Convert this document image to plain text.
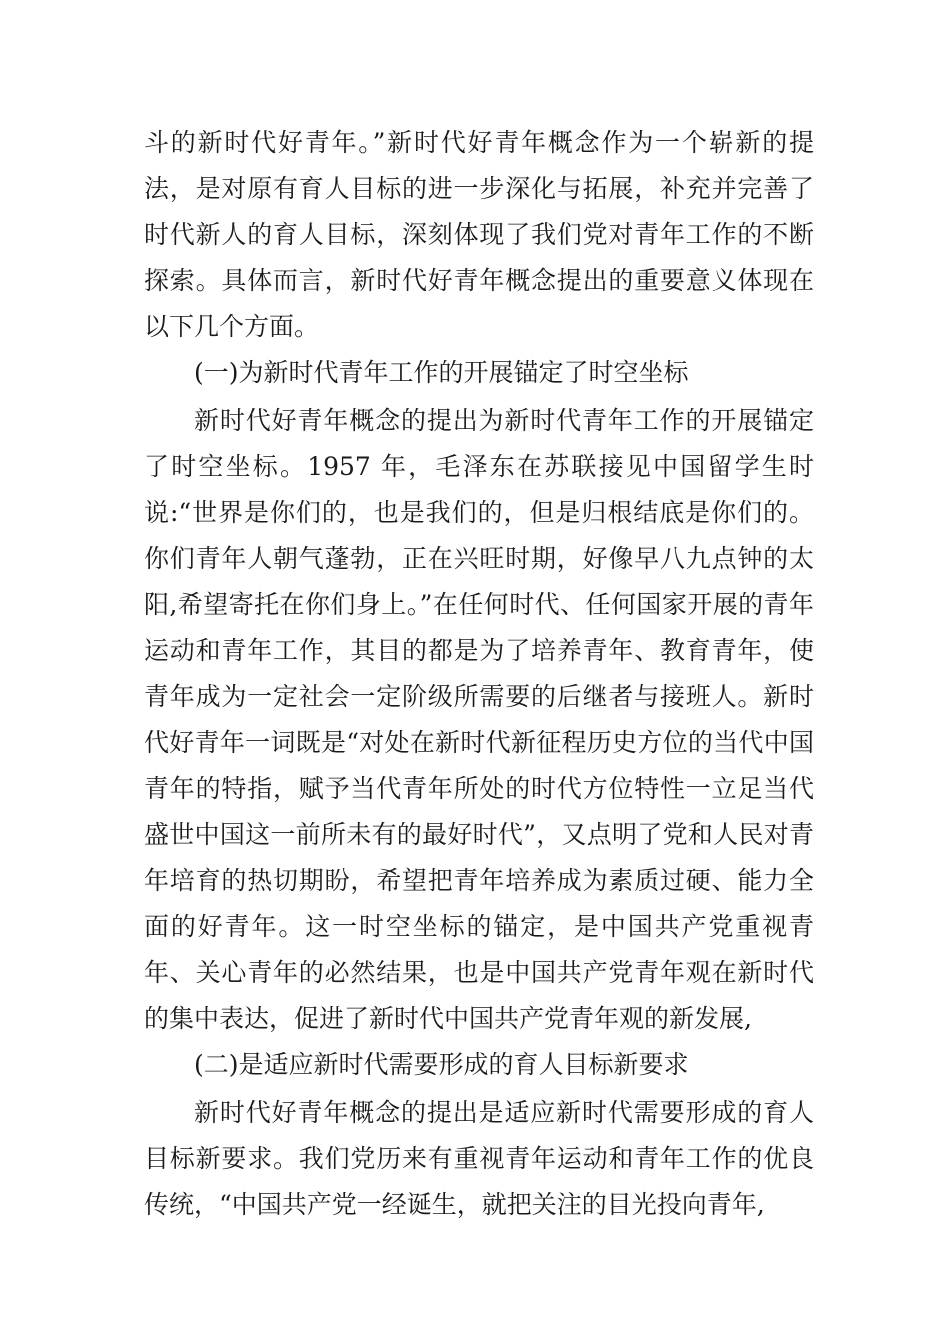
斗的新时代好青年。”新时代好青年概念作为一个崭新的提 法，是对原有育人目标的进一步深化与拓展，补充并完善了时代新人的育人目标，深刻体现了我们党对青年工作的不断探索。具体而言，新时代好青年概念提出的重要意义体现在以下几个方面。

(一)为新时代青年工作的开展锚定了时空坐标

新时代好青年概念的提出为新时代青年工作的开展锚定了时空坐标。1957 年，毛泽东在苏联接见中国留学生时说:“世界是你们的，也是我们的，但是归根结底是你们的。你们青年人朝气蓬勃，正在兴旺时期，好像早八九点钟的太阳,希望寄托在你们身上。”在任何时代、任何国家开展的青年运动和青年工作，其目的都是为了培养青年、教育青年，使青年成为一定社会一定阶级所需要的后继者与接班人。新时代好青年一词既是“对处在新时代新征程历史方位的当代中国青年的特指，赋予当代青年所处的时代方位特性一立足当代盛世中国这一前所未有的最好时代”，又点明了党和人民对青年培育的热切期盼，希望把青年培养成为素质过硬、能力全面的好青年。这一时空坐标的锚定，是中国共产党重视青年、关心青年的必然结果，也是中国共产党青年观在新时代的集中表达，促进了新时代中国共产党青年观的新发展,

(二)是适应新时代需要形成的育人目标新要求

新时代好青年概念的提出是适应新时代需要形成的育人目标新要求。我们党历来有重视青年运动和青年工作的优良传统，“中国共产党一经诞生，就把关注的目光投向青年,
